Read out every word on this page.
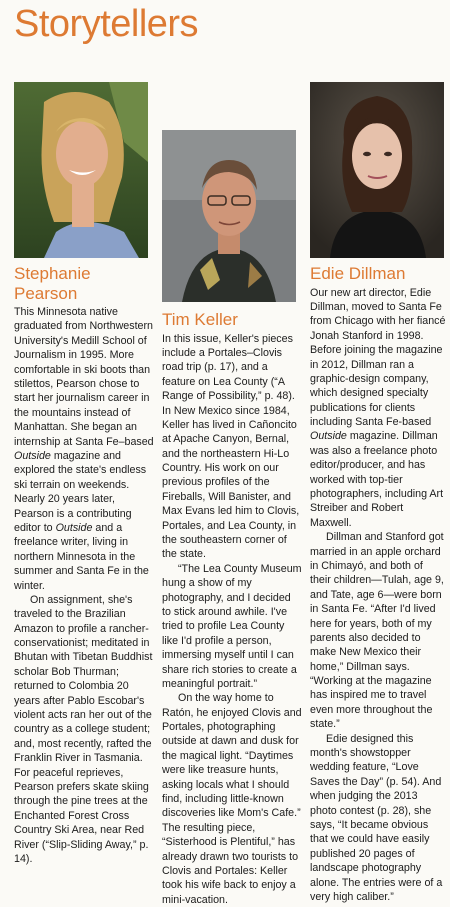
Storytellers
Stephanie Pearson

This Minnesota native graduated from Northwestern University's Medill School of Journalism in 1995. More comfortable in ski boots than stilettos, Pearson chose to start her journalism career in the mountains instead of Manhattan. She began an internship at Santa Fe–based Outside magazine and explored the state's endless ski terrain on weekends. Nearly 20 years later, Pearson is a contributing editor to Outside and a freelance writer, living in northern Minnesota in the summer and Santa Fe in the winter.

On assignment, she's traveled to the Brazilian Amazon to profile a rancher-conservationist; meditated in Bhutan with Tibetan Buddhist scholar Bob Thurman; returned to Colombia 20 years after Pablo Escobar's violent acts ran her out of the country as a college student; and, most recently, rafted the Franklin River in Tasmania. For peaceful reprieves, Pearson prefers skate skiing through the pine trees at the Enchanted Forest Cross Country Ski Area, near Red River (“Slip-Sliding Away,” p. 14).

Tim Keller

In this issue, Keller's pieces include a Portales–Clovis road trip (p. 17), and a feature on Lea County (“A Range of Possibility,” p. 48). In New Mexico since 1984, Keller has lived in Cañoncito at Apache Canyon, Bernal, and the northeastern Hi-Lo Country. His work on our previous profiles of the Fireballs, Will Banister, and Max Evans led him to Clovis, Portales, and Lea County, in the southeastern corner of the state.

“The Lea County Museum hung a show of my photography, and I decided to stick around awhile. I've tried to profile Lea County like I'd profile a person, immersing myself until I can share rich stories to create a meaningful portrait.”

On the way home to Ratón, he enjoyed Clovis and Portales, photographing outside at dawn and dusk for the magical light. “Daytimes were like treasure hunts, asking locals what I should find, including little-known discoveries like Mom's Cafe.” The resulting piece, “Sisterhood is Plentiful,” has already drawn two tourists to Clovis and Portales: Keller took his wife back to enjoy a mini-vacation.

Edie Dillman

Our new art director, Edie Dillman, moved to Santa Fe from Chicago with her fiancé Jonah Stanford in 1998. Before joining the magazine in 2012, Dillman ran a graphic-design company, which designed specialty publications for clients including Santa Fe-based Outside magazine. Dillman was also a freelance photo editor/producer, and has worked with top-tier photographers, including Art Streiber and Robert Maxwell.

Dillman and Stanford got married in an apple orchard in Chimayó, and both of their children—Tulah, age 9, and Tate, age 6—were born in Santa Fe. “After I'd lived here for years, both of my parents also decided to make New Mexico their home,” Dillman says. “Working at the magazine has inspired me to travel even more throughout the state.”

Edie designed this month's showstopper wedding feature, “Love Saves the Day” (p. 54). And when judging the 2013 photo contest (p. 28), she says, “It became obvious that we could have easily published 20 pages of landscape photography alone. The entries were of a very high caliber.”
